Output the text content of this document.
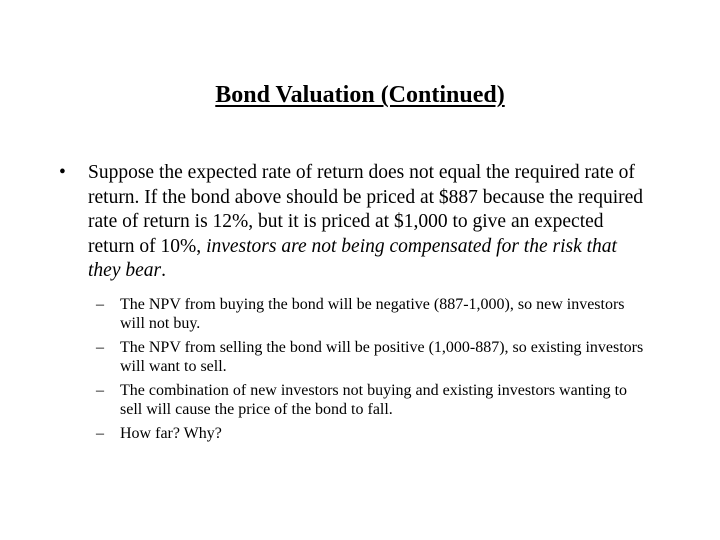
Bond Valuation (Continued)
• Suppose the expected rate of return does not equal the required rate of return. If the bond above should be priced at $887 because the required rate of return is 12%, but it is priced at $1,000 to give an expected return of 10%, investors are not being compensated for the risk that they bear.
– The NPV from buying the bond will be negative (887-1,000), so new investors will not buy.
– The NPV from selling the bond will be positive (1,000-887), so existing investors will want to sell.
– The combination of new investors not buying and existing investors wanting to sell will cause the price of the bond to fall.
– How far? Why?
